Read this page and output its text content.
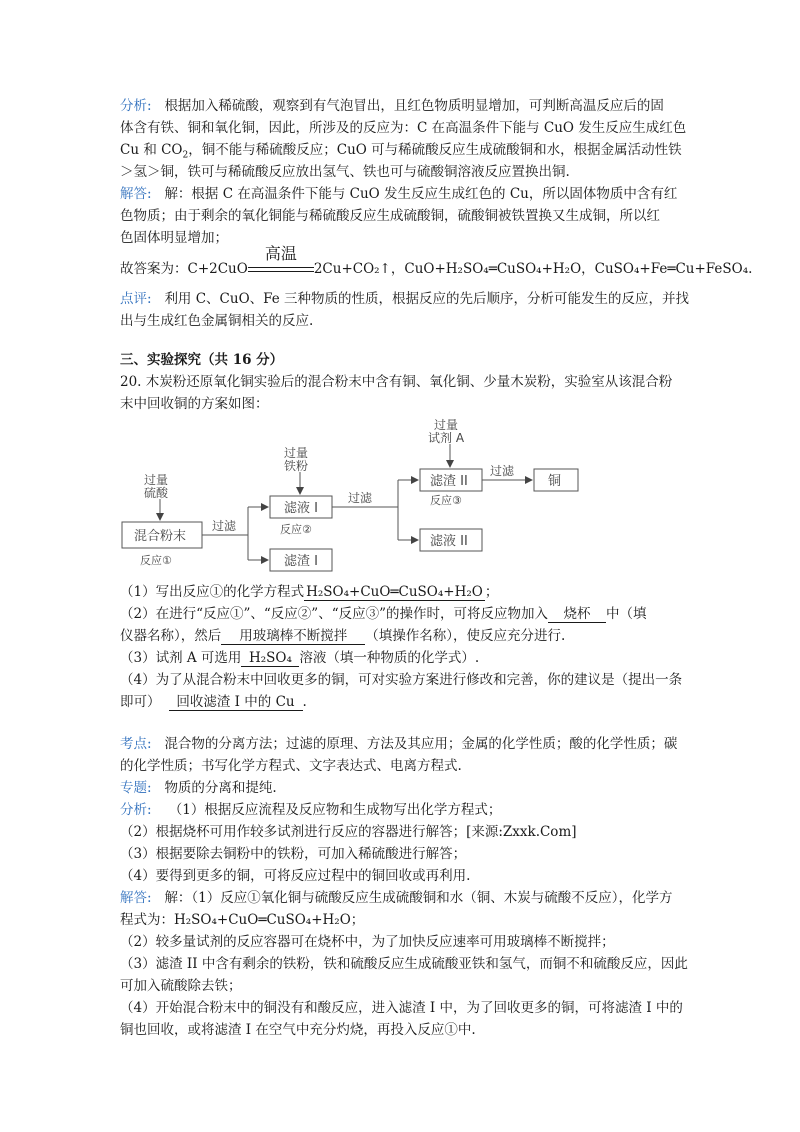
分析: 根据加入稀硫酸，观察到有气泡冒出，且红色物质明显增加，可判断高温反应后的固
体含有铁、铜和氧化铜，因此，所涉及的反应为：C 在高温条件下能与 CuO 发生反应生成红色
Cu 和 $CO_2$，铜不能与稀硫酸反应；CuO 可与稀硫酸反应生成硫酸铜和水，根据金属活动性铁
＞氢＞铜，铁可与稀硫酸反应放出氢气、铁也可与硫酸铜溶液反应置换出铜.
解答: 解：根据 C 在高温条件下能与 CuO 发生反应生成红色的 Cu，所以固体物质中含有红
色物质；由于剩余的氧化铜能与稀硫酸反应生成硫酸铜，硫酸铜被铁置换又生成铜，所以红
色固体明显增加；
故答案为：C+2CuO
高温
2Cu+CO₂↑，CuO+H₂SO₄═CuSO₄+H₂O，CuSO₄+Fe═Cu+FeSO₄.
点评: 利用 C、CuO、Fe 三种物质的性质，根据反应的先后顺序，分析可能发生的反应，并找
出与生成红色金属铜相关的反应.
三、实验探究（共 16 分）
20. 木炭粉还原氧化铜实验后的混合粉末中含有铜、氧化铜、少量木炭粉，实验室从该混合粉
末中回收铜的方案如图：
过量
硫酸
过量
铁粉
过量
试剂 A
混合粉末
滤液 I
滤渣 I
滤渣 II
滤液 II
铜
过滤
过滤
过滤
反应①
反应②
反应③
（1）写出反应①的化学方程式 H₂SO₄+CuO═CuSO₄+H₂O ；
（2）在进行“反应①”、“反应②”、“反应③”的操作时，可将反应物加入 烧杯 中（填
仪器名称），然后 用玻璃棒不断搅拌 （填操作名称），使反应充分进行.
（3）试剂 A 可选用 H₂SO₄ 溶液（填一种物质的化学式）.
（4）为了从混合粉末中回收更多的铜，可对实验方案进行修改和完善，你的建议是（提出一条
即可） 回收滤渣 I 中的 Cu .
考点: 混合物的分离方法；过滤的原理、方法及其应用；金属的化学性质；酸的化学性质；碳
的化学性质；书写化学方程式、文字表达式、电离方程式.
专题: 物质的分离和提纯.
分析: （1）根据反应流程及反应物和生成物写出化学方程式；
（2）根据烧杯可用作较多试剂进行反应的容器进行解答；[来源:Zxxk.Com]
（3）根据要除去铜粉中的铁粉，可加入稀硫酸进行解答；
（4）要得到更多的铜，可将反应过程中的铜回收或再利用.
解答: 解：（1）反应①氧化铜与硫酸反应生成硫酸铜和水（铜、木炭与硫酸不反应），化学方
程式为：H₂SO₄+CuO═CuSO₄+H₂O；
（2）较多量试剂的反应容器可在烧杯中，为了加快反应速率可用玻璃棒不断搅拌；
（3）滤渣 II 中含有剩余的铁粉，铁和硫酸反应生成硫酸亚铁和氢气，而铜不和硫酸反应，因此
可加入硫酸除去铁；
（4）开始混合粉末中的铜没有和酸反应，进入滤渣 I 中，为了回收更多的铜，可将滤渣 I 中的
铜也回收，或将滤渣 I 在空气中充分灼烧，再投入反应①中.
